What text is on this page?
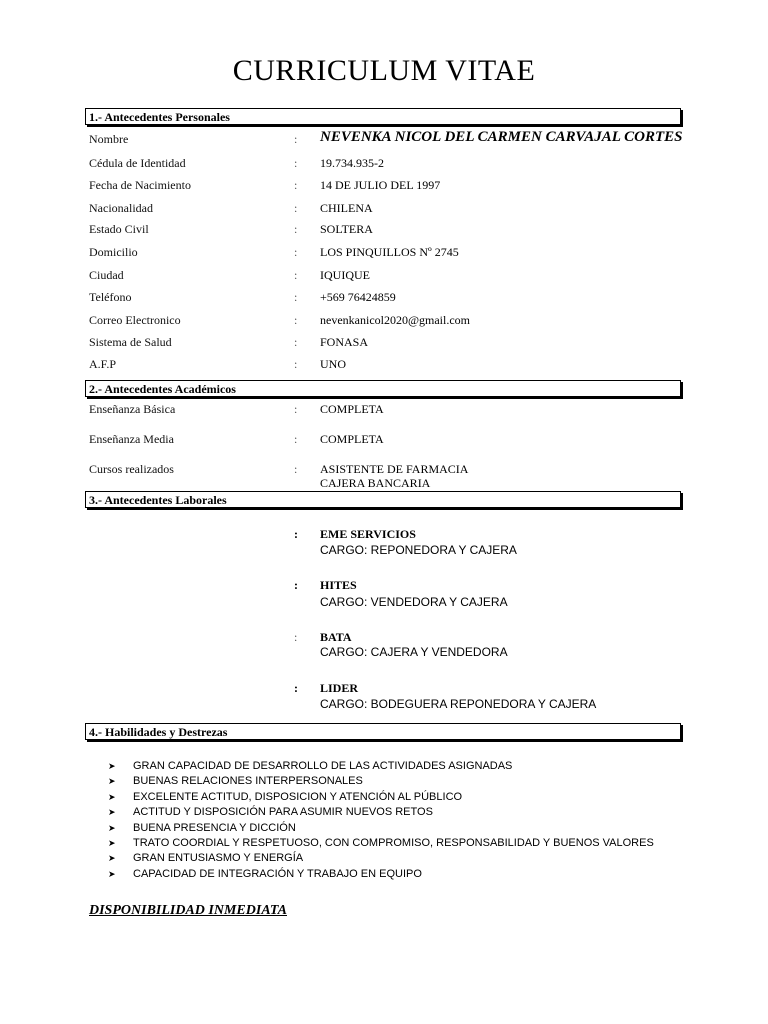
CURRICULUM VITAE
1.- Antecedentes Personales
Nombre	: NEVENKA NICOL DEL CARMEN CARVAJAL CORTES
Cédula de Identidad	: 19.734.935-2
Fecha de Nacimiento	: 14 DE JULIO DEL 1997
Nacionalidad	: CHILENA
Estado Civil	: SOLTERA
Domicilio	: LOS PINQUILLOS Nº 2745
Ciudad	: IQUIQUE
Teléfono	: +569 76424859
Correo Electronico	: nevenkanicol2020@gmail.com
Sistema de Salud	: FONASA
A.F.P	: UNO
2.- Antecedentes Académicos
Enseñanza Básica	: COMPLETA
Enseñanza Media	: COMPLETA
Cursos realizados	: ASISTENTE DE FARMACIA
CAJERA BANCARIA
3.- Antecedentes Laborales
: EME SERVICIOS
CARGO: REPONEDORA Y CAJERA
: HITES
CARGO: VENDEDORA Y CAJERA
: BATA
CARGO: CAJERA Y VENDEDORA
: LIDER
CARGO: BODEGUERA REPONEDORA Y CAJERA
4.- Habilidades y Destrezas
➤ GRAN CAPACIDAD DE DESARROLLO DE LAS ACTIVIDADES ASIGNADAS
➤ BUENAS RELACIONES INTERPERSONALES
➤ EXCELENTE ACTITUD, DISPOSICION Y ATENCIÓN AL PÚBLICO
➤ ACTITUD Y DISPOSICIÓN PARA ASUMIR NUEVOS RETOS
➤ BUENA PRESENCIA Y DICCIÓN
➤ TRATO COORDIAL Y RESPETUOSO, CON COMPROMISO, RESPONSABILIDAD Y BUENOS VALORES
➤ GRAN ENTUSIASMO Y ENERGÍA
➤ CAPACIDAD DE INTEGRACIÓN Y TRABAJO EN EQUIPO
DISPONIBILIDAD INMEDIATA
